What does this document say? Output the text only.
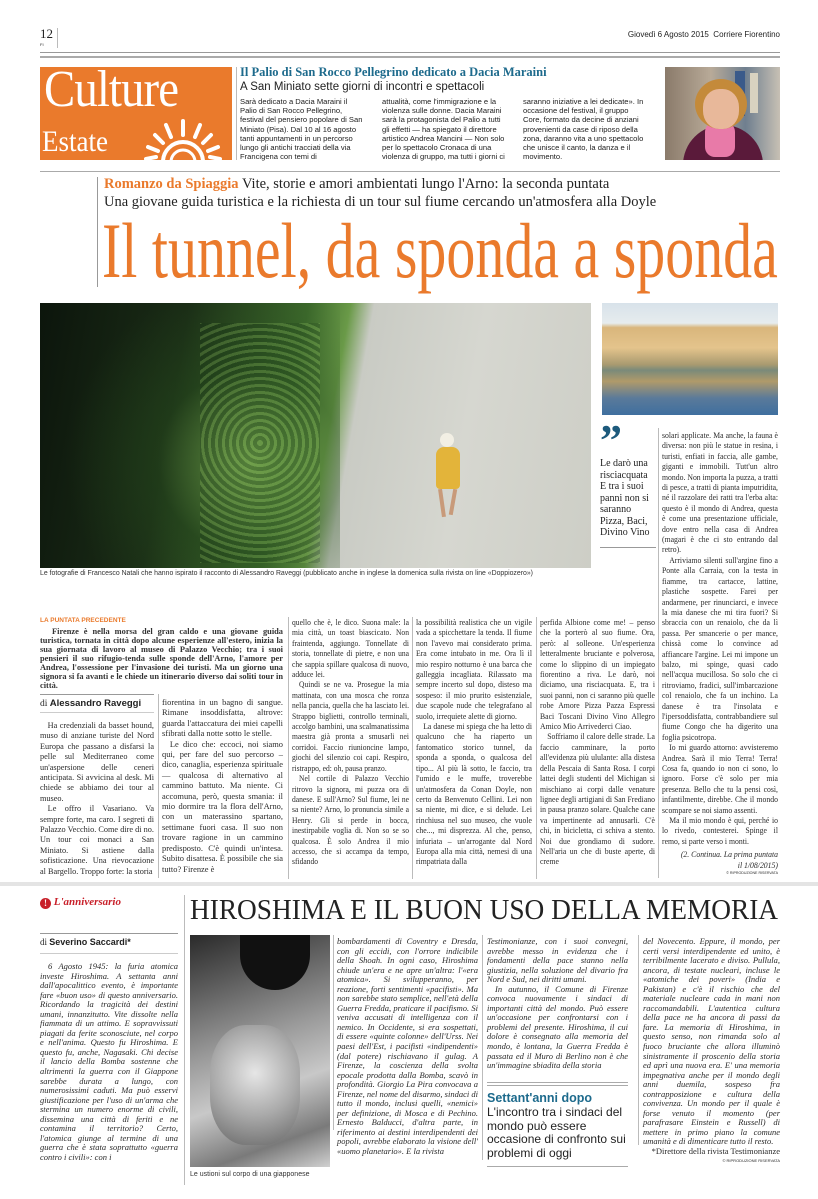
12
FI
Giovedì 6 Agosto 2015 Corriere Fiorentino
Culture
Estate
Il Palio di San Rocco Pellegrino dedicato a Dacia Maraini
A San Miniato sette giorni di incontri e spettacoli
Sarà dedicato a Dacia Maraini il Palio di San Rocco Pellegrino, festival del pensiero popolare di San Miniato (Pisa). Dal 10 al 16 agosto tanti appuntamenti in un percorso lungo gli antichi tracciati della via Francigena con temi di
attualità, come l'immigrazione e la violenza sulle donne. Dacia Maraini sarà la protagonista del Palio a tutti gli effetti — ha spiegato il direttore artistico Andrea Mancini — Non solo per lo spettacolo Cronaca di una violenza di gruppo, ma tutti i giorni ci
saranno iniziative a lei dedicate». In occasione del festival, il gruppo Core, formato da decine di anziani provenienti da case di riposo della zona, daranno vita a uno spettacolo che unisce il canto, la danza e il movimento.
Romanzo da Spiaggia Vite, storie e amori ambientati lungo l'Arno: la seconda puntata
Una giovane guida turistica e la richiesta di un tour sul fiume cercando un'atmosfera alla Doyle
Il tunnel, da sponda a sponda
Le fotografie di Francesco Natali che hanno ispirato il racconto di Alessandro Raveggi (pubblicato anche in inglese la domenica sulla rivista on line «Doppiozero»)
”
Le darò una risciacquata E tra i suoi panni non si saranno Pizza, Baci, Divino Vino
LA PUNTATA PRECEDENTE
Firenze è nella morsa del gran caldo e una giovane guida turistica, tornata in città dopo alcune esperienze all'estero, inizia la sua giornata di lavoro al museo di Palazzo Vecchio; tra i suoi pensieri il suo rifugio-tenda sulle sponde dell'Arno, l'amore per Andrea, l'ossessione per l'invasione dei turisti. Ma un giorno una signora si fa avanti e le chiede un itinerario diverso dai soliti tour in città.
di Alessandro Raveggi

Ha credenziali da basset hound, muso di anziane turiste del Nord Europa che passano a disfarsi la pelle sul Mediterraneo come un'aspersione delle ceneri anticipata. Si avvicina al desk. Mi chiede se abbiamo dei tour al museo.

Le offro il Vasariano. Va sempre forte, ma caro. I segreti di Palazzo Vecchio. Come dire di no. Un tour coi monaci a San Miniato. Si astiene dalla sofisticazione. Una rievocazione al Bargello. Troppo forte: la storia

fiorentina in un bagno di sangue. Rimane insoddisfatta, altrove: guarda l'attaccatura dei miei capelli sfibrati dalla notte sotto le stelle.

Le dico che: eccoci, noi siamo qui, per fare del suo percorso – dico, canaglia, esperienza spirituale — qualcosa di alternativo al cammino battuto. Ma niente. Ci accomuna, però, questa smania: il mio dormire tra la flora dell'Arno, con un materassino spartano, settimane fuori casa. Il suo non trovare ragione in un cammino predisposto. C'è quindi un'intesa. Subito disattesa. È possibile che sia tutto? Firenze è

quello che è, le dico. Suona male: la mia città, un toast biascicato. Non fraintenda, aggiungo. Tonnellate di storia, tonnellate di pietre, e non una che sappia spillare qualcosa di nuovo, adduce lei.

Quindi se ne va. Prosegue la mia mattinata, con una mosca che ronza nella pancia, quella che ha lasciato lei. Strappo biglietti, controllo terminali, accolgo bambini, una scalmanatissima maestra già pronta a smusarli nei corridoi. Faccio riunioncine lampo, giochi del silenzio coi capi. Respiro, ristrappo, ed: oh, pausa pranzo.

Nel cortile di Palazzo Vecchio ritrovo la signora, mi puzza ora di danese. E sull'Arno? Sul fiume, lei ne sa niente? Arno, lo pronuncia simile a Henry. Gli si perde in bocca, inestirpabile voglia di. Non so se so qualcosa. È solo Andrea il mio accesso, che si accampa da tempo, sfidando

la possibilità realistica che un vigile vada a spicchettare la tenda. Il fiume non l'avevo mai considerato prima. Era come intubato in me. Ora lì il mio respiro notturno è una barca che galleggia incagliata. Rilassato ma sempre incerto sul dopo, disteso ma sospeso: il mio prurito esistenziale, due scapole nude che telegrafano al suolo, irrequiete alette di giorno.

La danese mi spiega che ha letto di qualcuno che ha riaperto un fantomatico storico tunnel, da sponda a sponda, o qualcosa del tipo... Al più là sotto, le faccio, tra l'umido e le muffe, troverebbe un'atmosfera da Conan Doyle, non certo da Benvenuto Cellini. Lei non sa niente, mi dice, e si delude. Lei rinchiusa nel suo museo, che vuole che..., mi disprezza. Al che, penso, infuriata – un'arrogante dal Nord Europa alla mia città, nemesi di una rimpatriata dalla

perfida Albione come me! – penso che la porterò al suo fiume. Ora, però: al solleone. Un'esperienza letteralmente bruciante e polverosa, come lo slippino di un impiegato fiorentino a riva. Le darò, noi diciamo, una risciacquata. E, tra i suoi panni, non ci saranno più quelle robe Amore Pizza Pazza Espressi Baci Toscani Divino Vino Allegro Amico Mio Arrivederci Ciao.

Soffriamo il calore delle strade. La faccio camminare, la porto all'evidenza più ululante: alla distesa della Pescaia di Santa Rosa. I corpi lattei degli studenti del Michigan si mischiano ai corpi dalle venature lignee degli artigiani di San Frediano in pausa pranzo solare. Qualche cane va impertinente ad annusarli. C'è chi, in bicicletta, ci schiva a stento. Noi due grondiamo di sudore. Nell'aria un che di buste aperte, di creme

solari applicate. Ma anche, la fauna è diversa: non più le statue in resina, i turisti, enfiati in faccia, alle gambe, giganti e immobili. Tutt'un altro mondo. Non importa la puzza, a tratti di pesce, a tratti di pianta imputridita, né il razzolare dei ratti tra l'erba alta: questo è il mondo di Andrea, questa è come una presentazione ufficiale, dove entro nella casa di Andrea (magari è che ci sto entrando dal retro).

Arriviamo silenti sull'argine fino a Ponte alla Carraia, con la testa in fiamme, tra cartacce, lattine, plastiche sospette. Farei per andarmene, per rinunciarci, e invece la mia danese che mi tira fuori? Si sbraccia con un renaiolo, che da lì passa. Per smancerie o per mance, chissà come lo convince ad affiancare l'argine. Lei mi impone un balzo, mi spinge, quasi cado nell'acqua mucillosa. So solo che ci ritroviamo, fradici, sull'imbarcazione col renaiolo, che fa un inchino. La danese è tra l'insolata e l'ipersoddisfatta, contrabbandiere sul fiume Congo che ha digerito una foglia psicotropa.

Io mi guardo attorno: avvisteremo Andrea. Sarà il mio Terra! Terra! Cosa fa, quando io non ci sono, lo ignoro. Forse c'è solo per mia presenza. Bello che tu la pensi così, infantilmente, direbbe. Che il mondo scompare se noi siamo assenti.

Ma il mio mondo è qui, perché io lo rivedo, contesterei. Spinge il remo, si parte verso i monti.

(2. Continua. La prima puntata il 1/08/2015)
© RIPRODUZIONE RISERVATA
! L'anniversario HIROSHIMA E IL BUON USO DELLA MEMORIA
di Severino Saccardi*

6 Agosto 1945: la furia atomica investe Hiroshima. A settanta anni dall'apocalittico evento, è importante fare «buon uso» di questo anniversario. Ricordando la tragicità dei destini umani, innanzitutto. Vite dissolte nella fiammata di un attimo. E sopravvissuti piagati da ferite sconosciute, nel corpo e nell'anima. Questo fu Hiroshima. E questo fu, anche, Nagasaki. Chi decise il lancio della Bomba sostenne che altrimenti la guerra con il Giappone sarebbe durata a lungo, con numerosissimi caduti. Ma può esservi giustificazione per l'uso di un'arma che stermina un numero enorme di civili, dissemina una città di feriti e ne contamina il territorio? Certo, l'atomica giunge al termine di una guerra che è stata soprattutto «guerra contro i civili»: con i

Le ustioni sul corpo di una giapponese

bombardamenti di Coventry e Dresda, con gli eccidi, con l'orrore indicibile della Shoah. In ogni caso, Hiroshima chiude un'era e ne apre un'altra: l'«era atomica». Si svilupperanno, per reazione, forti sentimenti «pacifisti». Ma non sarebbe stato semplice, nell'età della Guerra Fredda, praticare il pacifismo. Si veniva accusati di intelligenza con il nemico. In Occidente, si era sospettati, di essere «quinte colonne» dell'Urss. Nei paesi dell'Est, i pacifisti «indipendenti» (dal potere) rischiavano il gulag. A Firenze, la coscienza della svolta epocale prodotta dalla Bomba, scavò in profondità. Giorgio La Pira convocava a Firenze, nel nome del disarmo, sindaci di tutto il mondo, inclusi quelli, «nemici» per definizione, di Mosca e di Pechino. Ernesto Balducci, d'altra parte, in riferimento ai destini interdipendenti dei popoli, avrebbe elaborato la visione dell' «uomo planetario». E la rivista

Testimonianze, con i suoi convegni, avrebbe messo in evidenza che i fondamenti della pace stanno nella giustizia, nella soluzione del divario fra Nord e Sud, nei diritti umani.

In autunno, il Comune di Firenze convoca nuovamente i sindaci di importanti città del mondo. Può essere un'occasione per confrontarsi con i problemi del presente. Hiroshima, il cui dolore è consegnato alla memoria del mondo, è lontana, la Guerra Fredda è passata ed il Muro di Berlino non è che un'immagine sbiadita della storia

Settant'anni dopo
L'incontro tra i sindaci del mondo può essere occasione di confronto sui problemi di oggi

del Novecento. Eppure, il mondo, per certi versi interdipendente ed unito, è terribilmente lacerato e diviso. Pullula, ancora, di testate nucleari, incluse le «atomiche dei poveri» (India e Pakistan) e c'è il rischio che del materiale nucleare cada in mani non raccomandabili. L'autentica cultura della pace ne ha ancora di passi da fare. La memoria di Hiroshima, in questo senso, non rimanda solo al fuoco bruciante che allora illuminò sinistramente il proscenio della storia ed aprì una nuova era. E' una memoria impegnativa anche per il mondo degli anni duemila, sospeso fra contrapposizione e cultura della convivenza. Un mondo per il quale è forse venuto il momento (per parafrasare Einstein e Russell) di mettere in primo piano la comune umanità e di dimenticare tutto il resto.

*Direttore della rivista Testimonianze
© RIPRODUZIONE RISERVATA
